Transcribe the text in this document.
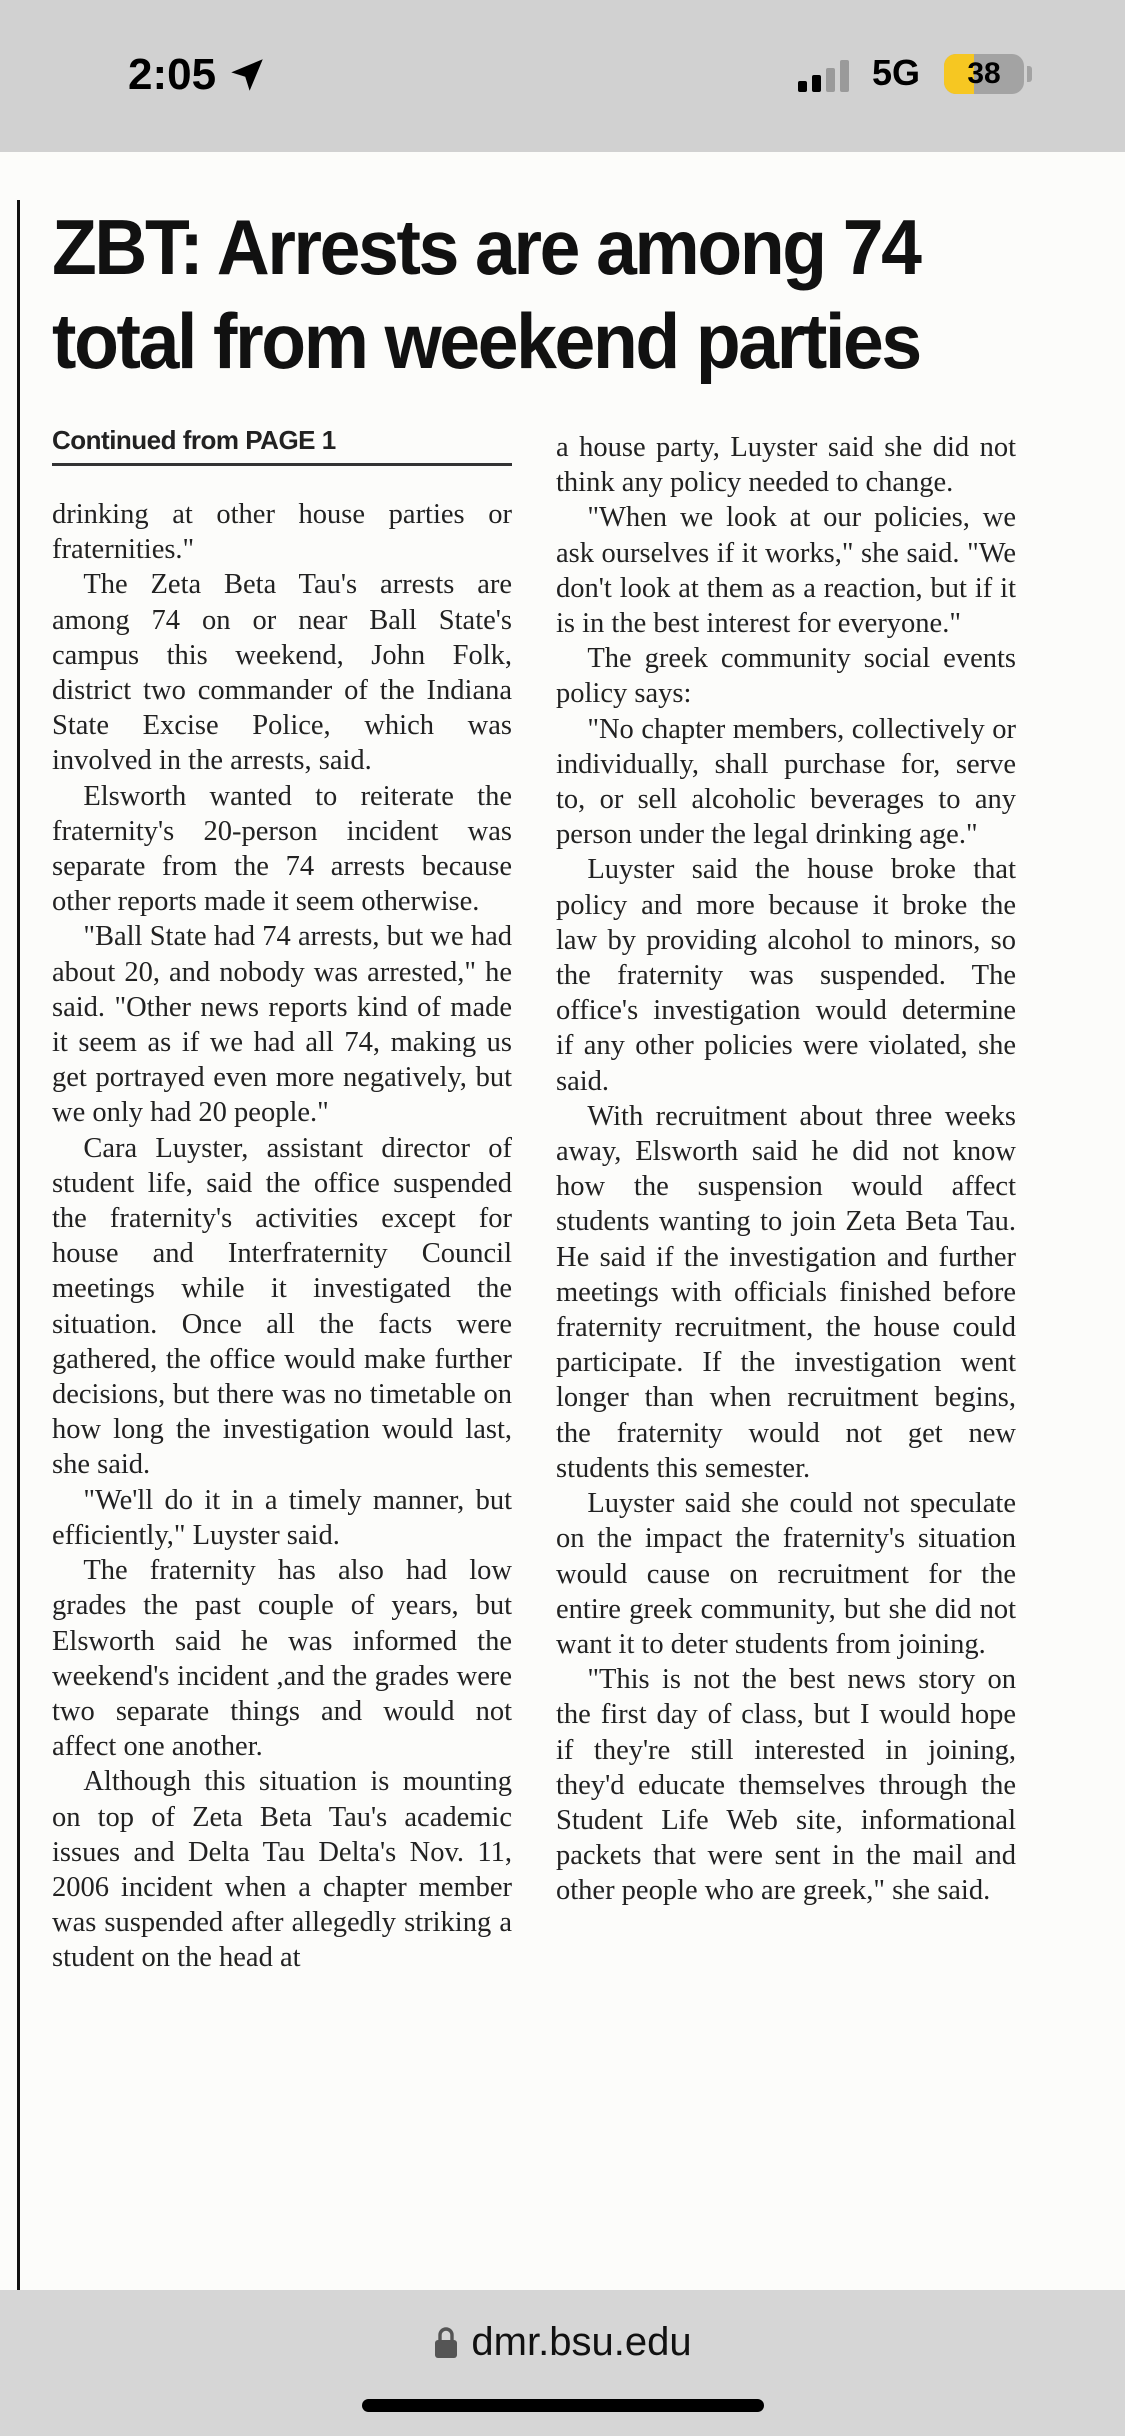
2:05	5G	38
ZBT: Arrests are among 74 total from weekend parties
Continued from PAGE 1

drinking at other house parties or fraternities."

The Zeta Beta Tau's arrests are among 74 on or near Ball State's campus this weekend, John Folk, district two commander of the Indiana State Excise Police, which was involved in the arrests, said.

Elsworth wanted to reiterate the fraternity's 20-person incident was separate from the 74 arrests because other reports made it seem otherwise.

"Ball State had 74 arrests, but we had about 20, and nobody was arrested," he said. "Other news reports kind of made it seem as if we had all 74, making us get portrayed even more negatively, but we only had 20 people."

Cara Luyster, assistant director of student life, said the office suspended the fraternity's activities except for house and Interfraternity Council meetings while it investigated the situation. Once all the facts were gathered, the office would make further decisions, but there was no timetable on how long the investigation would last, she said.

"We'll do it in a timely manner, but efficiently," Luyster said.

The fraternity has also had low grades the past couple of years, but Elsworth said he was informed the weekend's incident ,and the grades were two separate things and would not affect one another.

Although this situation is mounting on top of Zeta Beta Tau's academic issues and Delta Tau Delta's Nov. 11, 2006 incident when a chapter member was suspended after allegedly striking a student on the head at

a house party, Luyster said she did not think any policy needed to change.

"When we look at our policies, we ask ourselves if it works," she said. "We don't look at them as a reaction, but if it is in the best interest for everyone."

The greek community social events policy says:

"No chapter members, collectively or individually, shall purchase for, serve to, or sell alcoholic beverages to any person under the legal drinking age."

Luyster said the house broke that policy and more because it broke the law by providing alcohol to minors, so the fraternity was suspended. The office's investigation would determine if any other policies were violated, she said.

With recruitment about three weeks away, Elsworth said he did not know how the suspension would affect students wanting to join Zeta Beta Tau. He said if the investigation and further meetings with officials finished before fraternity recruitment, the house could participate. If the investigation went longer than when recruitment begins, the fraternity would not get new students this semester.

Luyster said she could not speculate on the impact the fraternity's situation would cause on recruitment for the entire greek community, but she did not want it to deter students from joining.

"This is not the best news story on the first day of class, but I would hope if they're still interested in joining, they'd educate themselves through the Student Life Web site, informational packets that were sent in the mail and other people who are greek," she said.

dmr.bsu.edu
